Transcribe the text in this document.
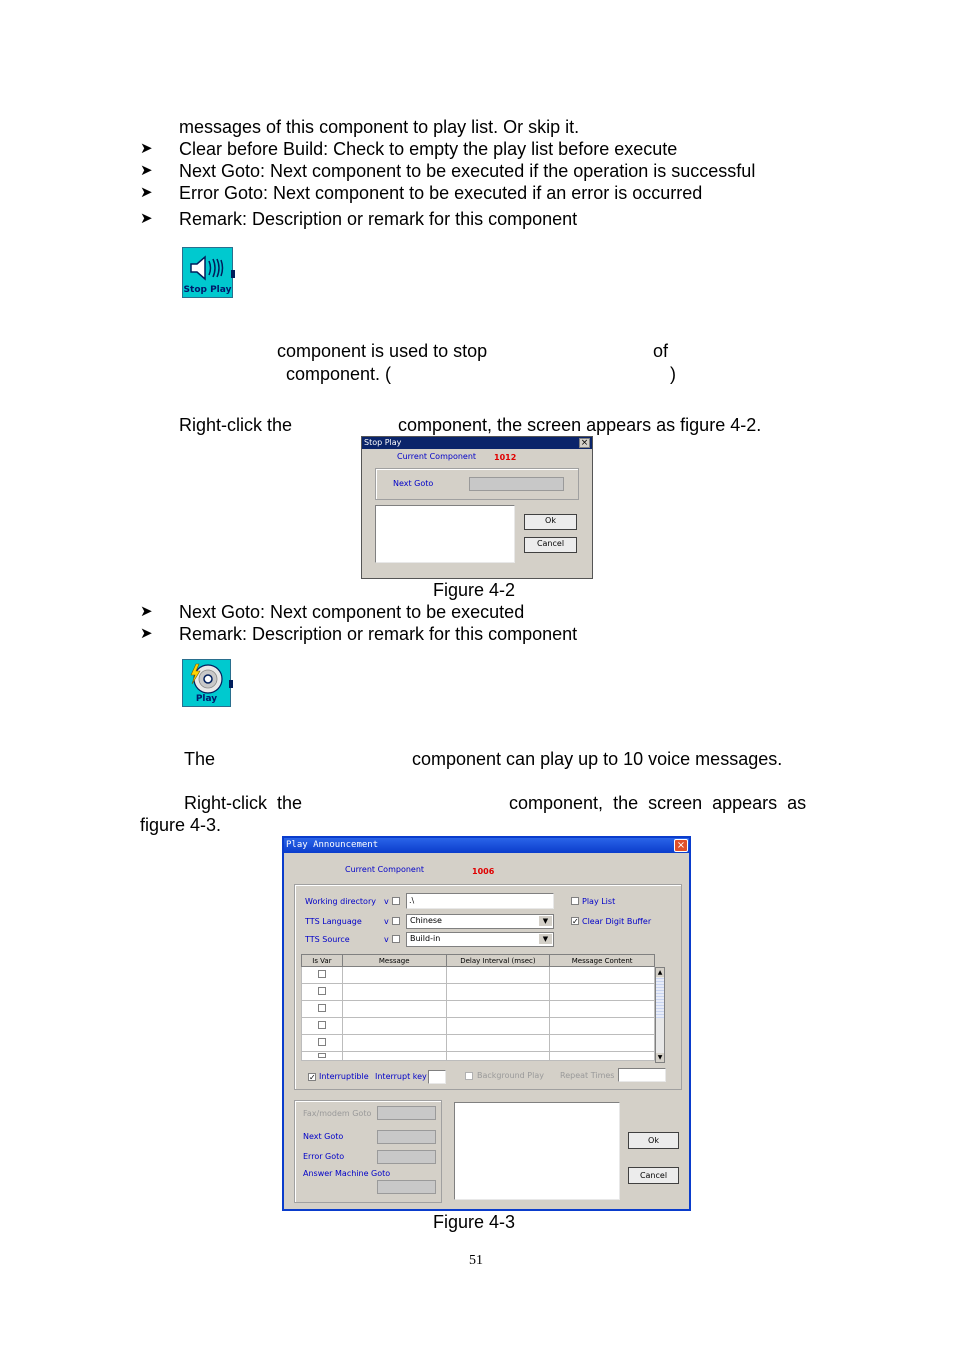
messages of this component to play list. Or skip it.
➤ Clear before Build: Check to empty the play list before execute
➤ Next Goto: Next component to be executed if the operation is successful
➤ Error Goto: Next component to be executed if an error is occurred
➤ Remark: Description or remark for this component
Stop Play
component is used to stop	of
component. (	)
Right-click the	component, the screen appears as figure 4-2.
Stop Play	×
Current Component 1012
Next Goto
Ok
Cancel
Figure 4-2
➤ Next Goto: Next component to be executed
➤ Remark: Description or remark for this component
Play
The	component can play up to 10 voice messages.
Right-click  the	component,  the  screen  appears  as
figure 4-3.
Play Announcement	×
Current Component	1006
Working directory v	.\
TTS Language	v	Chinese	▼
TTS Source	v	Build-in	▼
Play List
✓ Clear Digit Buffer
Is Var	Message	Delay Interval (msec)	Message Content

▲
▼
✓ Interruptible Interrupt key	Background Play Repeat Times
Fax/modem Goto
Next Goto
Error Goto
Answer Machine Goto
Ok
Cancel
Figure 4-3
51
